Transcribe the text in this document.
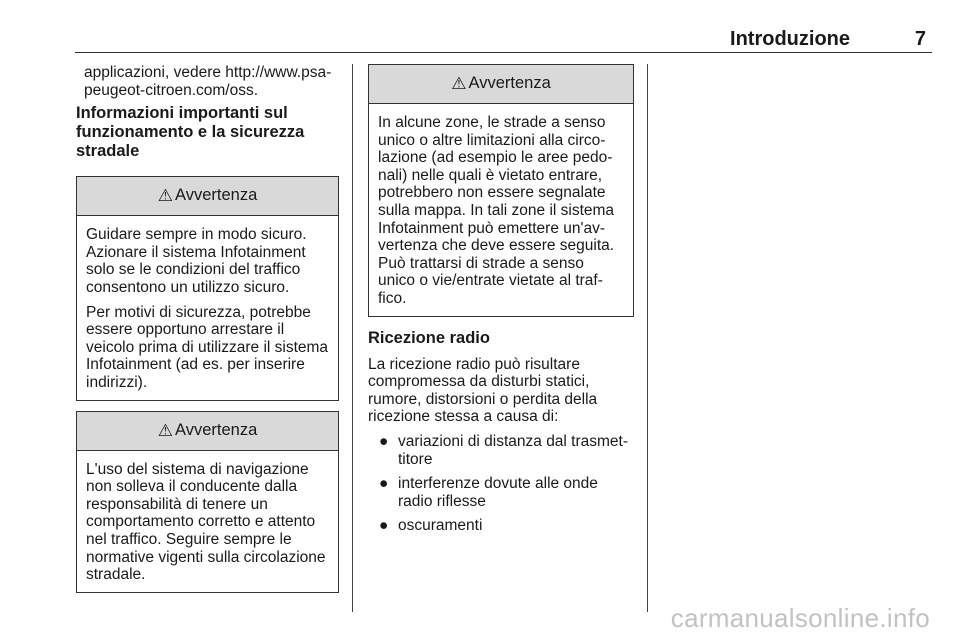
Introduzione	7

applicazioni, vedere http://www.psa-peugeot-citroen.com/oss.

Informazioni importanti sul funzionamento e la sicurezza stradale
⚠ Avvertenza

Guidare sempre in modo sicuro. Azionare il sistema Infotainment solo se le condizioni del traffico consentono un utilizzo sicuro.

Per motivi di sicurezza, potrebbe essere opportuno arrestare il veicolo prima di utilizzare il sistema Infotainment (ad es. per inserire indirizzi).

⚠ Avvertenza

L'uso del sistema di navigazione non solleva il conducente dalla responsabilità di tenere un comportamento corretto e attento nel traffico. Seguire sempre le normative vigenti sulla circolazione stradale.

⚠ Avvertenza

In alcune zone, le strade a senso unico o altre limitazioni alla circolazione (ad esempio le aree pedonali) nelle quali è vietato entrare, potrebbero non essere segnalate sulla mappa. In tali zone il sistema Infotainment può emettere un'avvertenza che deve essere seguita. Può trattarsi di strade a senso unico o vie/entrate vietate al traffico.

Ricezione radio

La ricezione radio può risultare compromessa da disturbi statici, rumore, distorsioni o perdita della ricezione stessa a causa di:

● variazioni di distanza dal trasmettitore
● interferenze dovute alle onde radio riflesse
● oscuramenti
carmanualsonline.info
